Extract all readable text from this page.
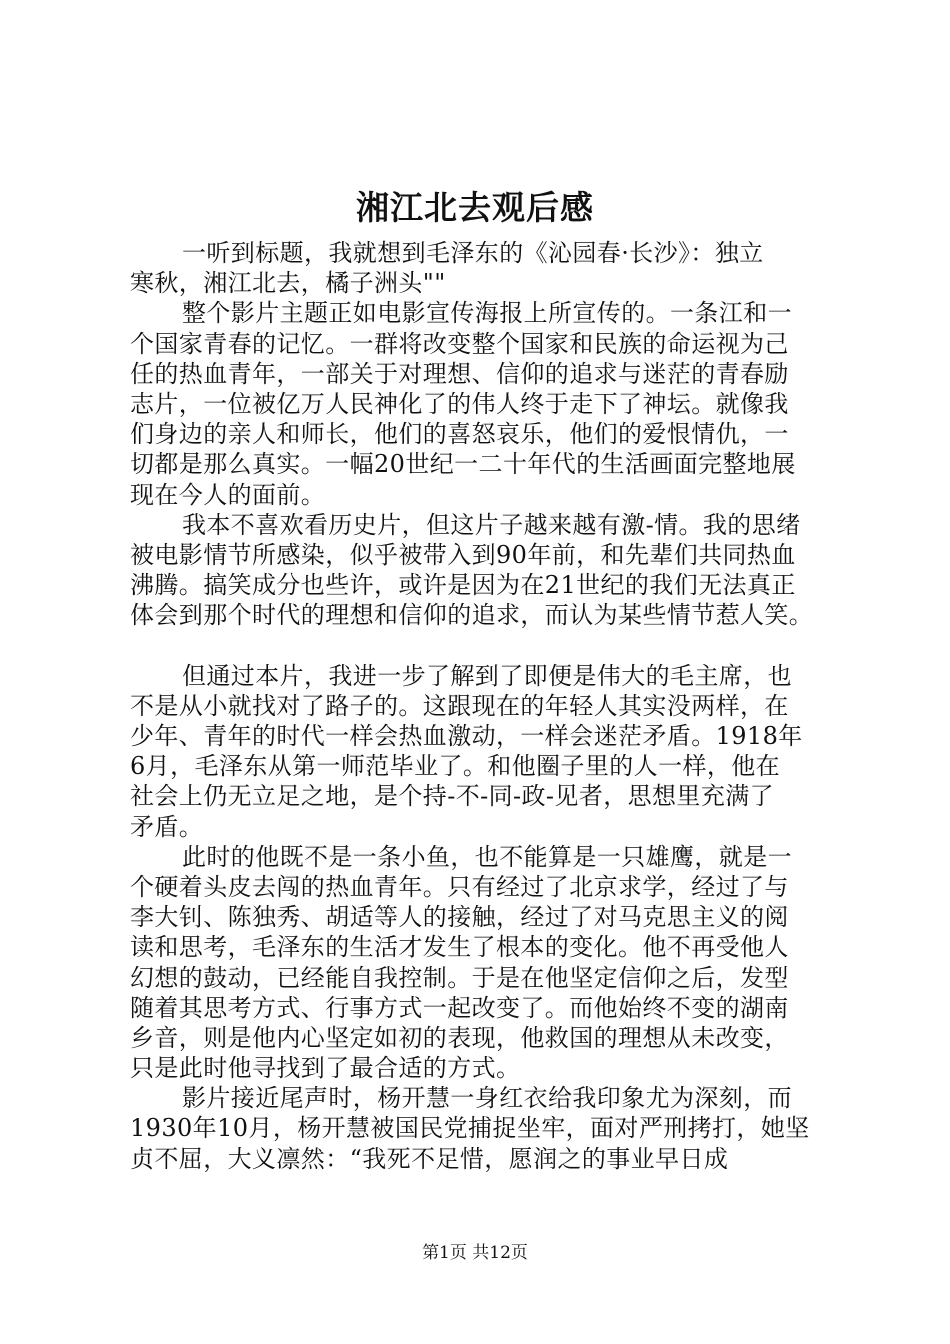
湘江北去观后感
一听到标题，我就想到毛泽东的《沁园春·长沙》：独立
寒秋，湘江北去，橘子洲头""
整个影片主题正如电影宣传海报上所宣传的。一条江和一
个国家青春的记忆。一群将改变整个国家和民族的命运视为己
任的热血青年，一部关于对理想、信仰的追求与迷茫的青春励
志片，一位被亿万人民神化了的伟人终于走下了神坛。就像我
们身边的亲人和师长，他们的喜怒哀乐，他们的爱恨情仇，一
切都是那么真实。一幅20世纪一二十年代的生活画面完整地展
现在今人的面前。
我本不喜欢看历史片，但这片子越来越有激-情。我的思绪
被电影情节所感染，似乎被带入到90年前，和先辈们共同热血
沸腾。搞笑成分也些许，或许是因为在21世纪的我们无法真正
体会到那个时代的理想和信仰的追求，而认为某些情节惹人笑。
但通过本片，我进一步了解到了即便是伟大的毛主席，也
不是从小就找对了路子的。这跟现在的年轻人其实没两样，在
少年、青年的时代一样会热血激动，一样会迷茫矛盾。1918年
6月，毛泽东从第一师范毕业了。和他圈子里的人一样，他在
社会上仍无立足之地，是个持-不-同-政-见者，思想里充满了
矛盾。
此时的他既不是一条小鱼，也不能算是一只雄鹰，就是一
个硬着头皮去闯的热血青年。只有经过了北京求学，经过了与
李大钊、陈独秀、胡适等人的接触，经过了对马克思主义的阅
读和思考，毛泽东的生活才发生了根本的变化。他不再受他人
幻想的鼓动，已经能自我控制。于是在他坚定信仰之后，发型
随着其思考方式、行事方式一起改变了。而他始终不变的湖南
乡音，则是他内心坚定如初的表现，他救国的理想从未改变，
只是此时他寻找到了最合适的方式。
影片接近尾声时，杨开慧一身红衣给我印象尤为深刻，而
1930年10月，杨开慧被国民党捕捉坐牢，面对严刑拷打，她坚
贞不屈，大义凛然：“我死不足惜，愿润之的事业早日成
第1页 共12页
